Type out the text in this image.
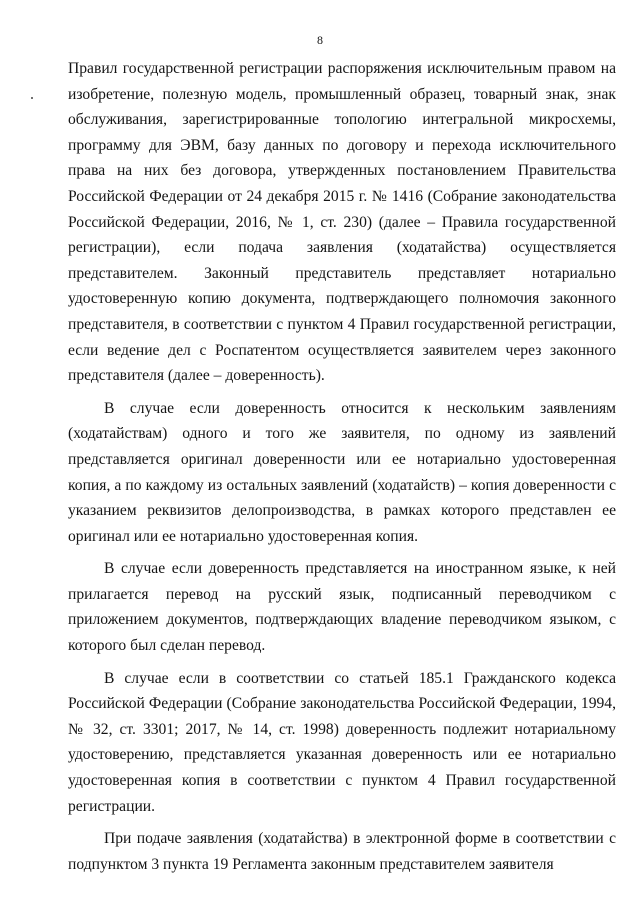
8

Правил государственной регистрации распоряжения исключительным правом на изобретение, полезную модель, промышленный образец, товарный знак, знак обслуживания, зарегистрированные топологию интегральной микросхемы, программу для ЭВМ, базу данных по договору и перехода исключительного права на них без договора, утвержденных постановлением Правительства Российской Федерации от 24 декабря 2015 г. № 1416 (Собрание законодательства Российской Федерации, 2016, № 1, ст. 230) (далее – Правила государственной регистрации), если подача заявления (ходатайства) осуществляется представителем. Законный представитель представляет нотариально удостоверенную копию документа, подтверждающего полномочия законного представителя, в соответствии с пунктом 4 Правил государственной регистрации, если ведение дел с Роспатентом осуществляется заявителем через законного представителя (далее – доверенность).

В случае если доверенность относится к нескольким заявлениям (ходатайствам) одного и того же заявителя, по одному из заявлений представляется оригинал доверенности или ее нотариально удостоверенная копия, а по каждому из остальных заявлений (ходатайств) – копия доверенности с указанием реквизитов делопроизводства, в рамках которого представлен ее оригинал или ее нотариально удостоверенная копия.

В случае если доверенность представляется на иностранном языке, к ней прилагается перевод на русский язык, подписанный переводчиком с приложением документов, подтверждающих владение переводчиком языком, с которого был сделан перевод.

В случае если в соответствии со статьей 185.1 Гражданского кодекса Российской Федерации (Собрание законодательства Российской Федерации, 1994, № 32, ст. 3301; 2017, № 14, ст. 1998) доверенность подлежит нотариальному удостоверению, представляется указанная доверенность или ее нотариально удостоверенная копия в соответствии с пунктом 4 Правил государственной регистрации.

При подаче заявления (ходатайства) в электронной форме в соответствии с подпунктом 3 пункта 19 Регламента законным представителем заявителя
